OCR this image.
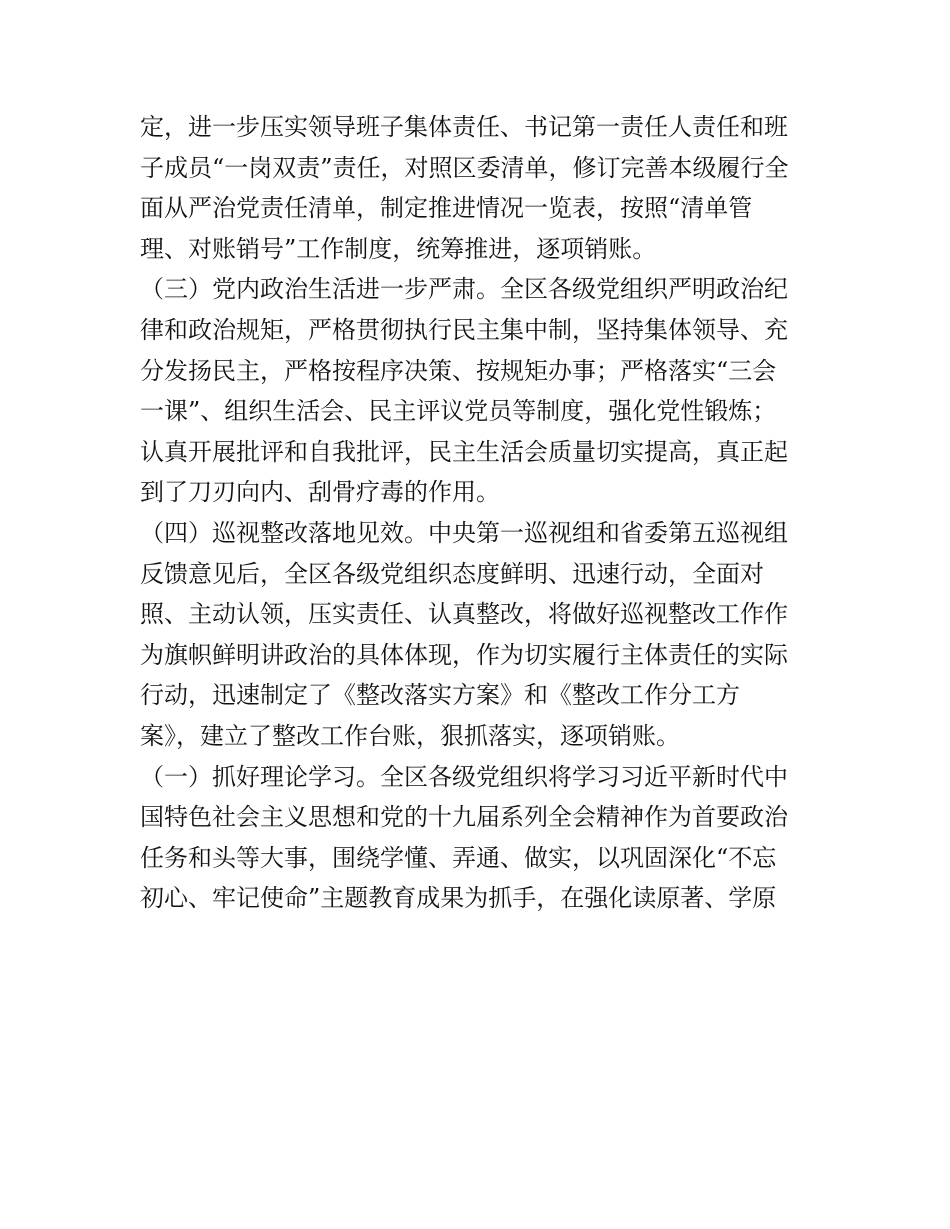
定，进一步压实领导班子集体责任、书记第一责任人责任和班
子成员“一岗双责”责任，对照区委清单，修订完善本级履行全
面从严治党责任清单，制定推进情况一览表，按照“清单管
理、对账销号”工作制度，统筹推进，逐项销账。
（三）党内政治生活进一步严肃。全区各级党组织严明政治纪
律和政治规矩，严格贯彻执行民主集中制，坚持集体领导、充
分发扬民主，严格按程序决策、按规矩办事；严格落实“三会
一课”、组织生活会、民主评议党员等制度，强化党性锻炼；
认真开展批评和自我批评，民主生活会质量切实提高，真正起
到了刀刃向内、刮骨疗毒的作用。
（四）巡视整改落地见效。中央第一巡视组和省委第五巡视组
反馈意见后，全区各级党组织态度鲜明、迅速行动，全面对
照、主动认领，压实责任、认真整改，将做好巡视整改工作作
为旗帜鲜明讲政治的具体体现，作为切实履行主体责任的实际
行动，迅速制定了《整改落实方案》和《整改工作分工方
案》，建立了整改工作台账，狠抓落实，逐项销账。
（一）抓好理论学习。全区各级党组织将学习习近平新时代中
国特色社会主义思想和党的十九届系列全会精神作为首要政治
任务和头等大事，围绕学懂、弄通、做实，以巩固深化“不忘
初心、牢记使命”主题教育成果为抓手，在强化读原著、学原
